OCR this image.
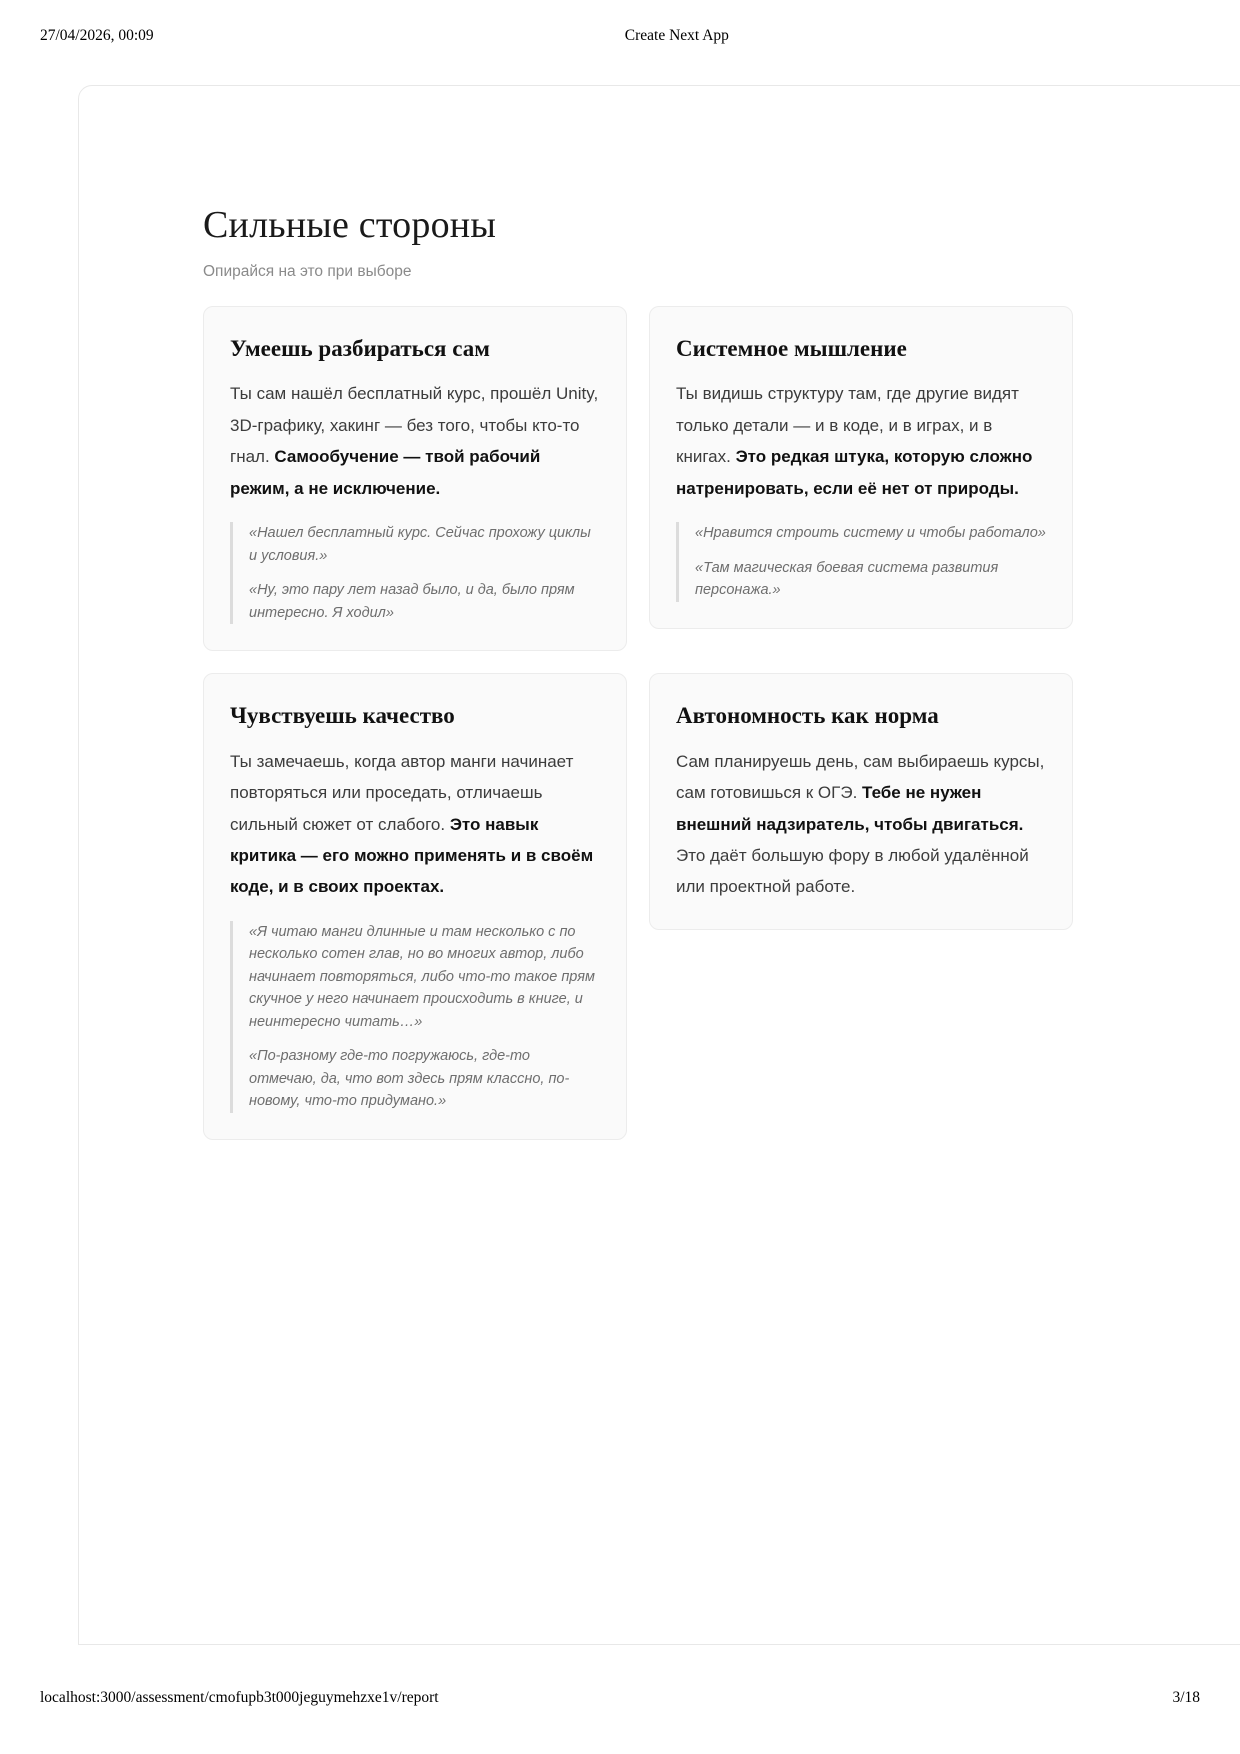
27/04/2026, 00:09	Create Next App
Сильные стороны

Опирайся на это при выборе

Умеешь разбираться сам

Ты сам нашёл бесплатный курс, прошёл Unity, 3D-графику, хакинг — без того, чтобы кто-то гнал. Самообучение — твой рабочий режим, а не исключение.

«Нашел бесплатный курс. Сейчас прохожу циклы и условия.»

«Ну, это пару лет назад было, и да, было прям интересно. Я ходил»

Системное мышление

Ты видишь структуру там, где другие видят только детали — и в коде, и в играх, и в книгах. Это редкая штука, которую сложно натренировать, если её нет от природы.

«Нравится строить систему и чтобы работало»

«Там магическая боевая система развития персонажа.»

Чувствуешь качество

Ты замечаешь, когда автор манги начинает повторяться или проседать, отличаешь сильный сюжет от слабого. Это навык критика — его можно применять и в своём коде, и в своих проектах.

«Я читаю манги длинные и там несколько с по несколько сотен глав, но во многих автор, либо начинает повторяться, либо что-то такое прям скучное у него начинает происходить в книге, и неинтересно читать…»

«По-разному где-то погружаюсь, где-то отмечаю, да, что вот здесь прям классно, по-новому, что-то придумано.»

Автономность как норма

Сам планируешь день, сам выбираешь курсы, сам готовишься к ОГЭ. Тебе не нужен внешний надзиратель, чтобы двигаться. Это даёт большую фору в любой удалённой или проектной работе.

localhost:3000/assessment/cmofupb3t000jeguymehzxe1v/report	3/18
